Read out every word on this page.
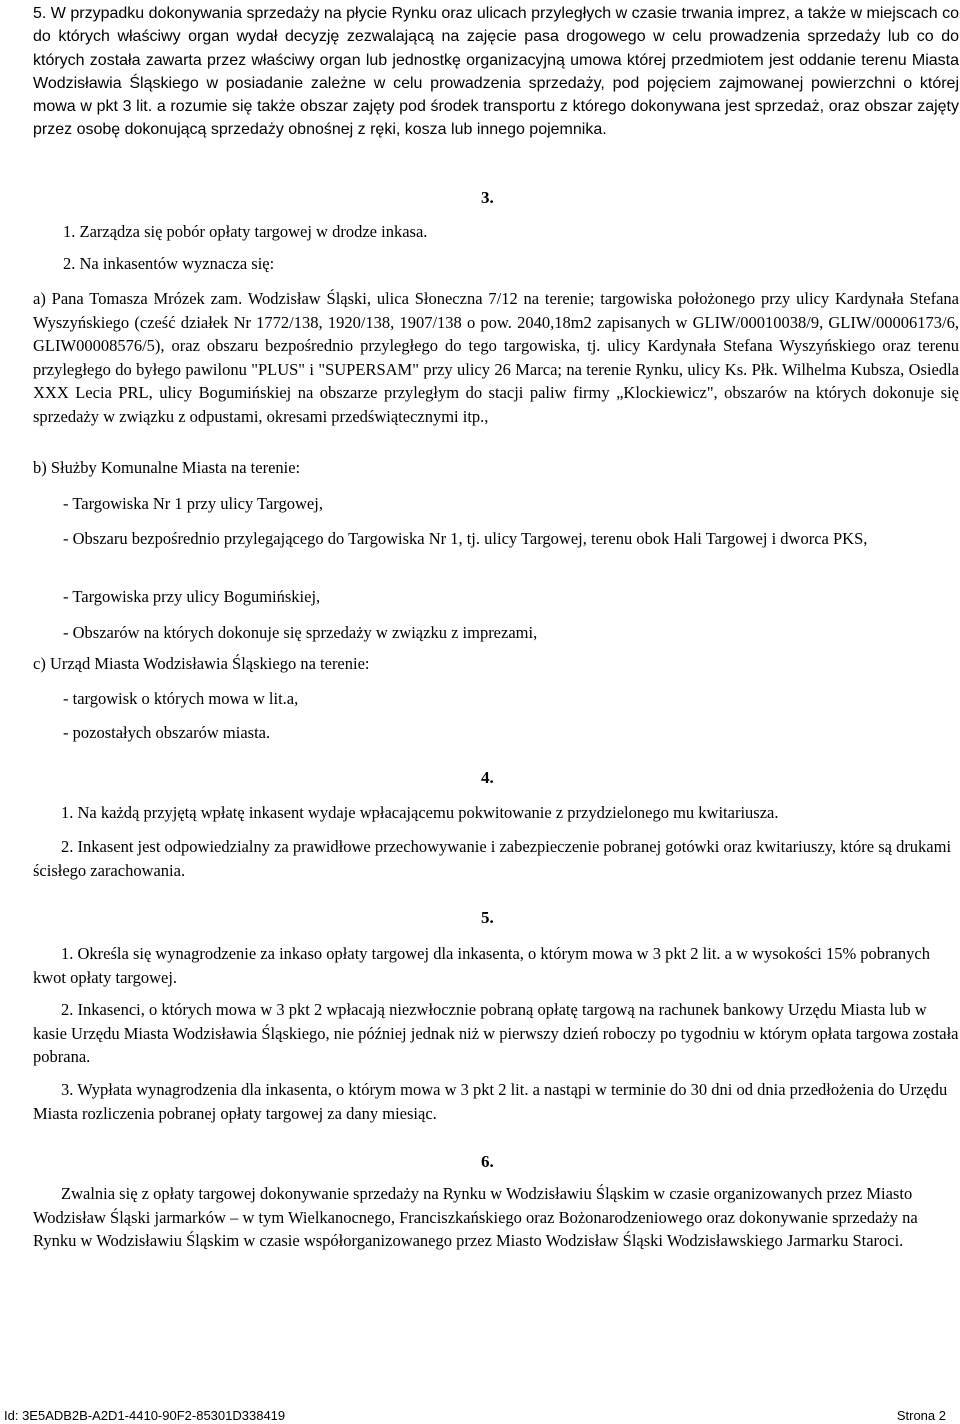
5. W przypadku dokonywania sprzedaży na płycie Rynku oraz ulicach przyległych w czasie trwania imprez, a także w miejscach co do których właściwy organ wydał decyzję zezwalającą na zajęcie pasa drogowego w celu prowadzenia sprzedaży lub co do których została zawarta przez właściwy organ lub jednostkę organizacyjną umowa której przedmiotem jest oddanie terenu Miasta Wodzisławia Śląskiego w posiadanie zależne w celu prowadzenia sprzedaży, pod pojęciem zajmowanej powierzchni o której mowa w pkt 3 lit. a rozumie się także obszar zajęty pod środek transportu z którego dokonywana jest sprzedaż, oraz obszar zajęty przez osobę dokonującą sprzedaży obnośnej z ręki, kosza lub innego pojemnika.

3.

1. Zarządza się pobór opłaty targowej w drodze inkasa.

2. Na inkasentów wyznacza się:

a) Pana Tomasza Mrózek zam. Wodzisław Śląski, ulica Słoneczna 7/12 na terenie; targowiska położonego przy ulicy Kardynała Stefana Wyszyńskiego (cześć działek Nr 1772/138, 1920/138, 1907/138 o pow. 2040,18m2 zapisanych w GLIW/00010038/9, GLIW/00006173/6, GLIW00008576/5), oraz obszaru bezpośrednio przyległego do tego targowiska, tj. ulicy Kardynała Stefana Wyszyńskiego oraz terenu przyległego do byłego pawilonu "PLUS" i "SUPERSAM" przy ulicy 26 Marca; na terenie Rynku, ulicy Ks. Płk. Wilhelma Kubsza, Osiedla XXX Lecia PRL, ulicy Bogumińskiej na obszarze przyległym do stacji paliw firmy „Klockiewicz", obszarów na których dokonuje się sprzedaży w związku z odpustami, okresami przedświątecznymi itp.,

b) Służby Komunalne Miasta na terenie:

- Targowiska Nr 1 przy ulicy Targowej,

- Obszaru bezpośrednio przylegającego do Targowiska Nr 1, tj. ulicy Targowej, terenu obok Hali Targowej i dworca PKS,

- Targowiska przy ulicy Bogumińskiej,

- Obszarów na których dokonuje się sprzedaży w związku z imprezami,

c) Urząd Miasta Wodzisławia Śląskiego na terenie:

- targowisk o których mowa w lit.a,

- pozostałych obszarów miasta.

4.

1. Na każdą przyjętą wpłatę inkasent wydaje wpłacającemu pokwitowanie z przydzielonego mu kwitariusza.

2. Inkasent jest odpowiedzialny za prawidłowe przechowywanie i zabezpieczenie pobranej gotówki oraz kwitariuszy, które są drukami ścisłego zarachowania.

5.

1. Określa się wynagrodzenie za inkaso opłaty targowej dla inkasenta, o którym mowa w 3 pkt 2 lit. a w wysokości 15% pobranych kwot opłaty targowej.

2. Inkasenci, o których mowa w 3 pkt 2 wpłacają niezwłocznie pobraną opłatę targową na rachunek bankowy Urzędu Miasta lub w kasie Urzędu Miasta Wodzisławia Śląskiego, nie później jednak niż w pierwszy dzień roboczy po tygodniu w którym opłata targowa została pobrana.

3. Wypłata wynagrodzenia dla inkasenta, o którym mowa w 3 pkt 2 lit. a nastąpi w terminie do 30 dni od dnia przedłożenia do Urzędu Miasta rozliczenia pobranej opłaty targowej za dany miesiąc.

6.

Zwalnia się z opłaty targowej dokonywanie sprzedaży na Rynku w Wodzisławiu Śląskim w czasie organizowanych przez Miasto Wodzisław Śląski jarmarków – w tym Wielkanocnego, Franciszkańskiego oraz Bożonarodzeniowego oraz dokonywanie sprzedaży na Rynku w Wodzisławiu Śląskim w czasie współorganizowanego przez Miasto Wodzisław Śląski Wodzisławskiego Jarmarku Staroci.

Id: 3E5ADB2B-A2D1-4410-90F2-85301D338419	Strona 2
